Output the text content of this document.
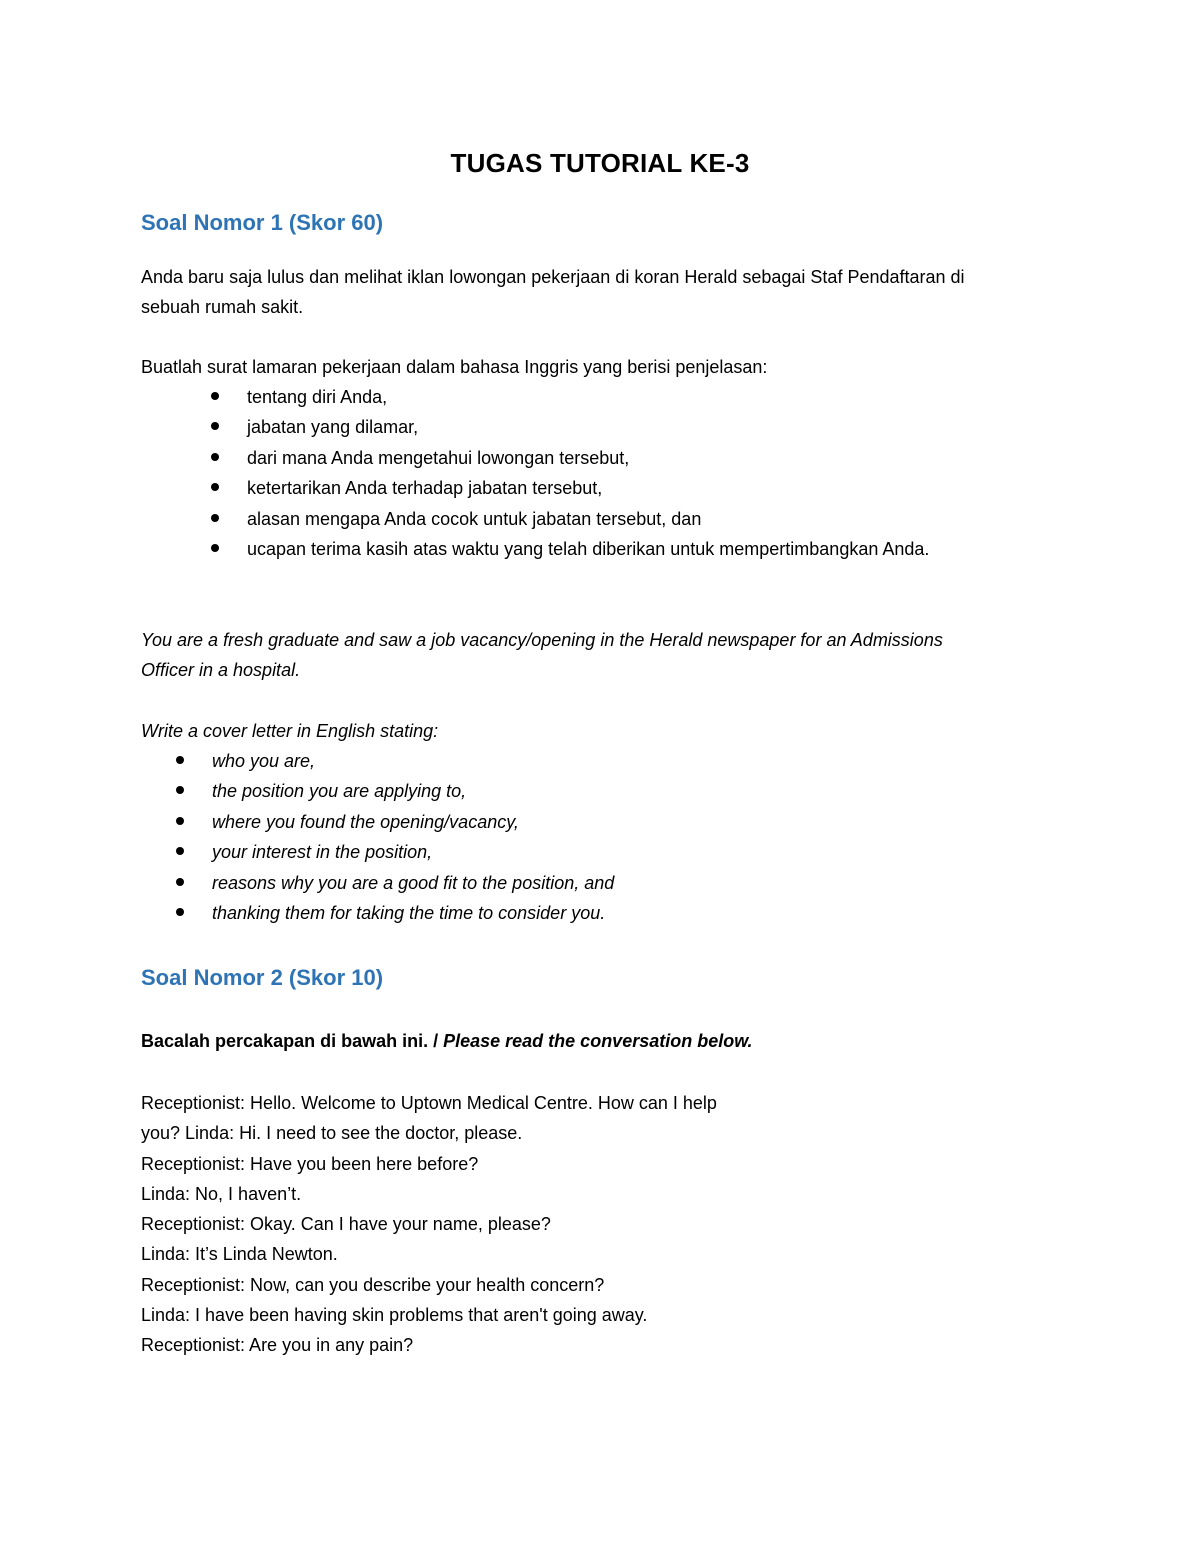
TUGAS TUTORIAL KE-3
Soal Nomor 1 (Skor 60)

Anda baru saja lulus dan melihat iklan lowongan pekerjaan di koran Herald sebagai Staf Pendaftaran di
sebuah rumah sakit.

Buatlah surat lamaran pekerjaan dalam bahasa Inggris yang berisi penjelasan:

tentang diri Anda,
jabatan yang dilamar,
dari mana Anda mengetahui lowongan tersebut,
ketertarikan Anda terhadap jabatan tersebut,
alasan mengapa Anda cocok untuk jabatan tersebut, dan
ucapan terima kasih atas waktu yang telah diberikan untuk mempertimbangkan Anda.

You are a fresh graduate and saw a job vacancy/opening in the Herald newspaper for an Admissions
Officer in a hospital.

Write a cover letter in English stating:

who you are,
the position you are applying to,
where you found the opening/vacancy,
your interest in the position,
reasons why you are a good fit to the position, and
thanking them for taking the time to consider you.
Soal Nomor 2 (Skor 10)

Bacalah percakapan di bawah ini. / Please read the conversation below.

Receptionist: Hello. Welcome to Uptown Medical Centre. How can I help
you? Linda: Hi. I need to see the doctor, please.
Receptionist: Have you been here before?
Linda: No, I haven’t.
Receptionist: Okay. Can I have your name, please?
Linda: It’s Linda Newton.
Receptionist: Now, can you describe your health concern?
Linda: I have been having skin problems that aren't going away.
Receptionist: Are you in any pain?
